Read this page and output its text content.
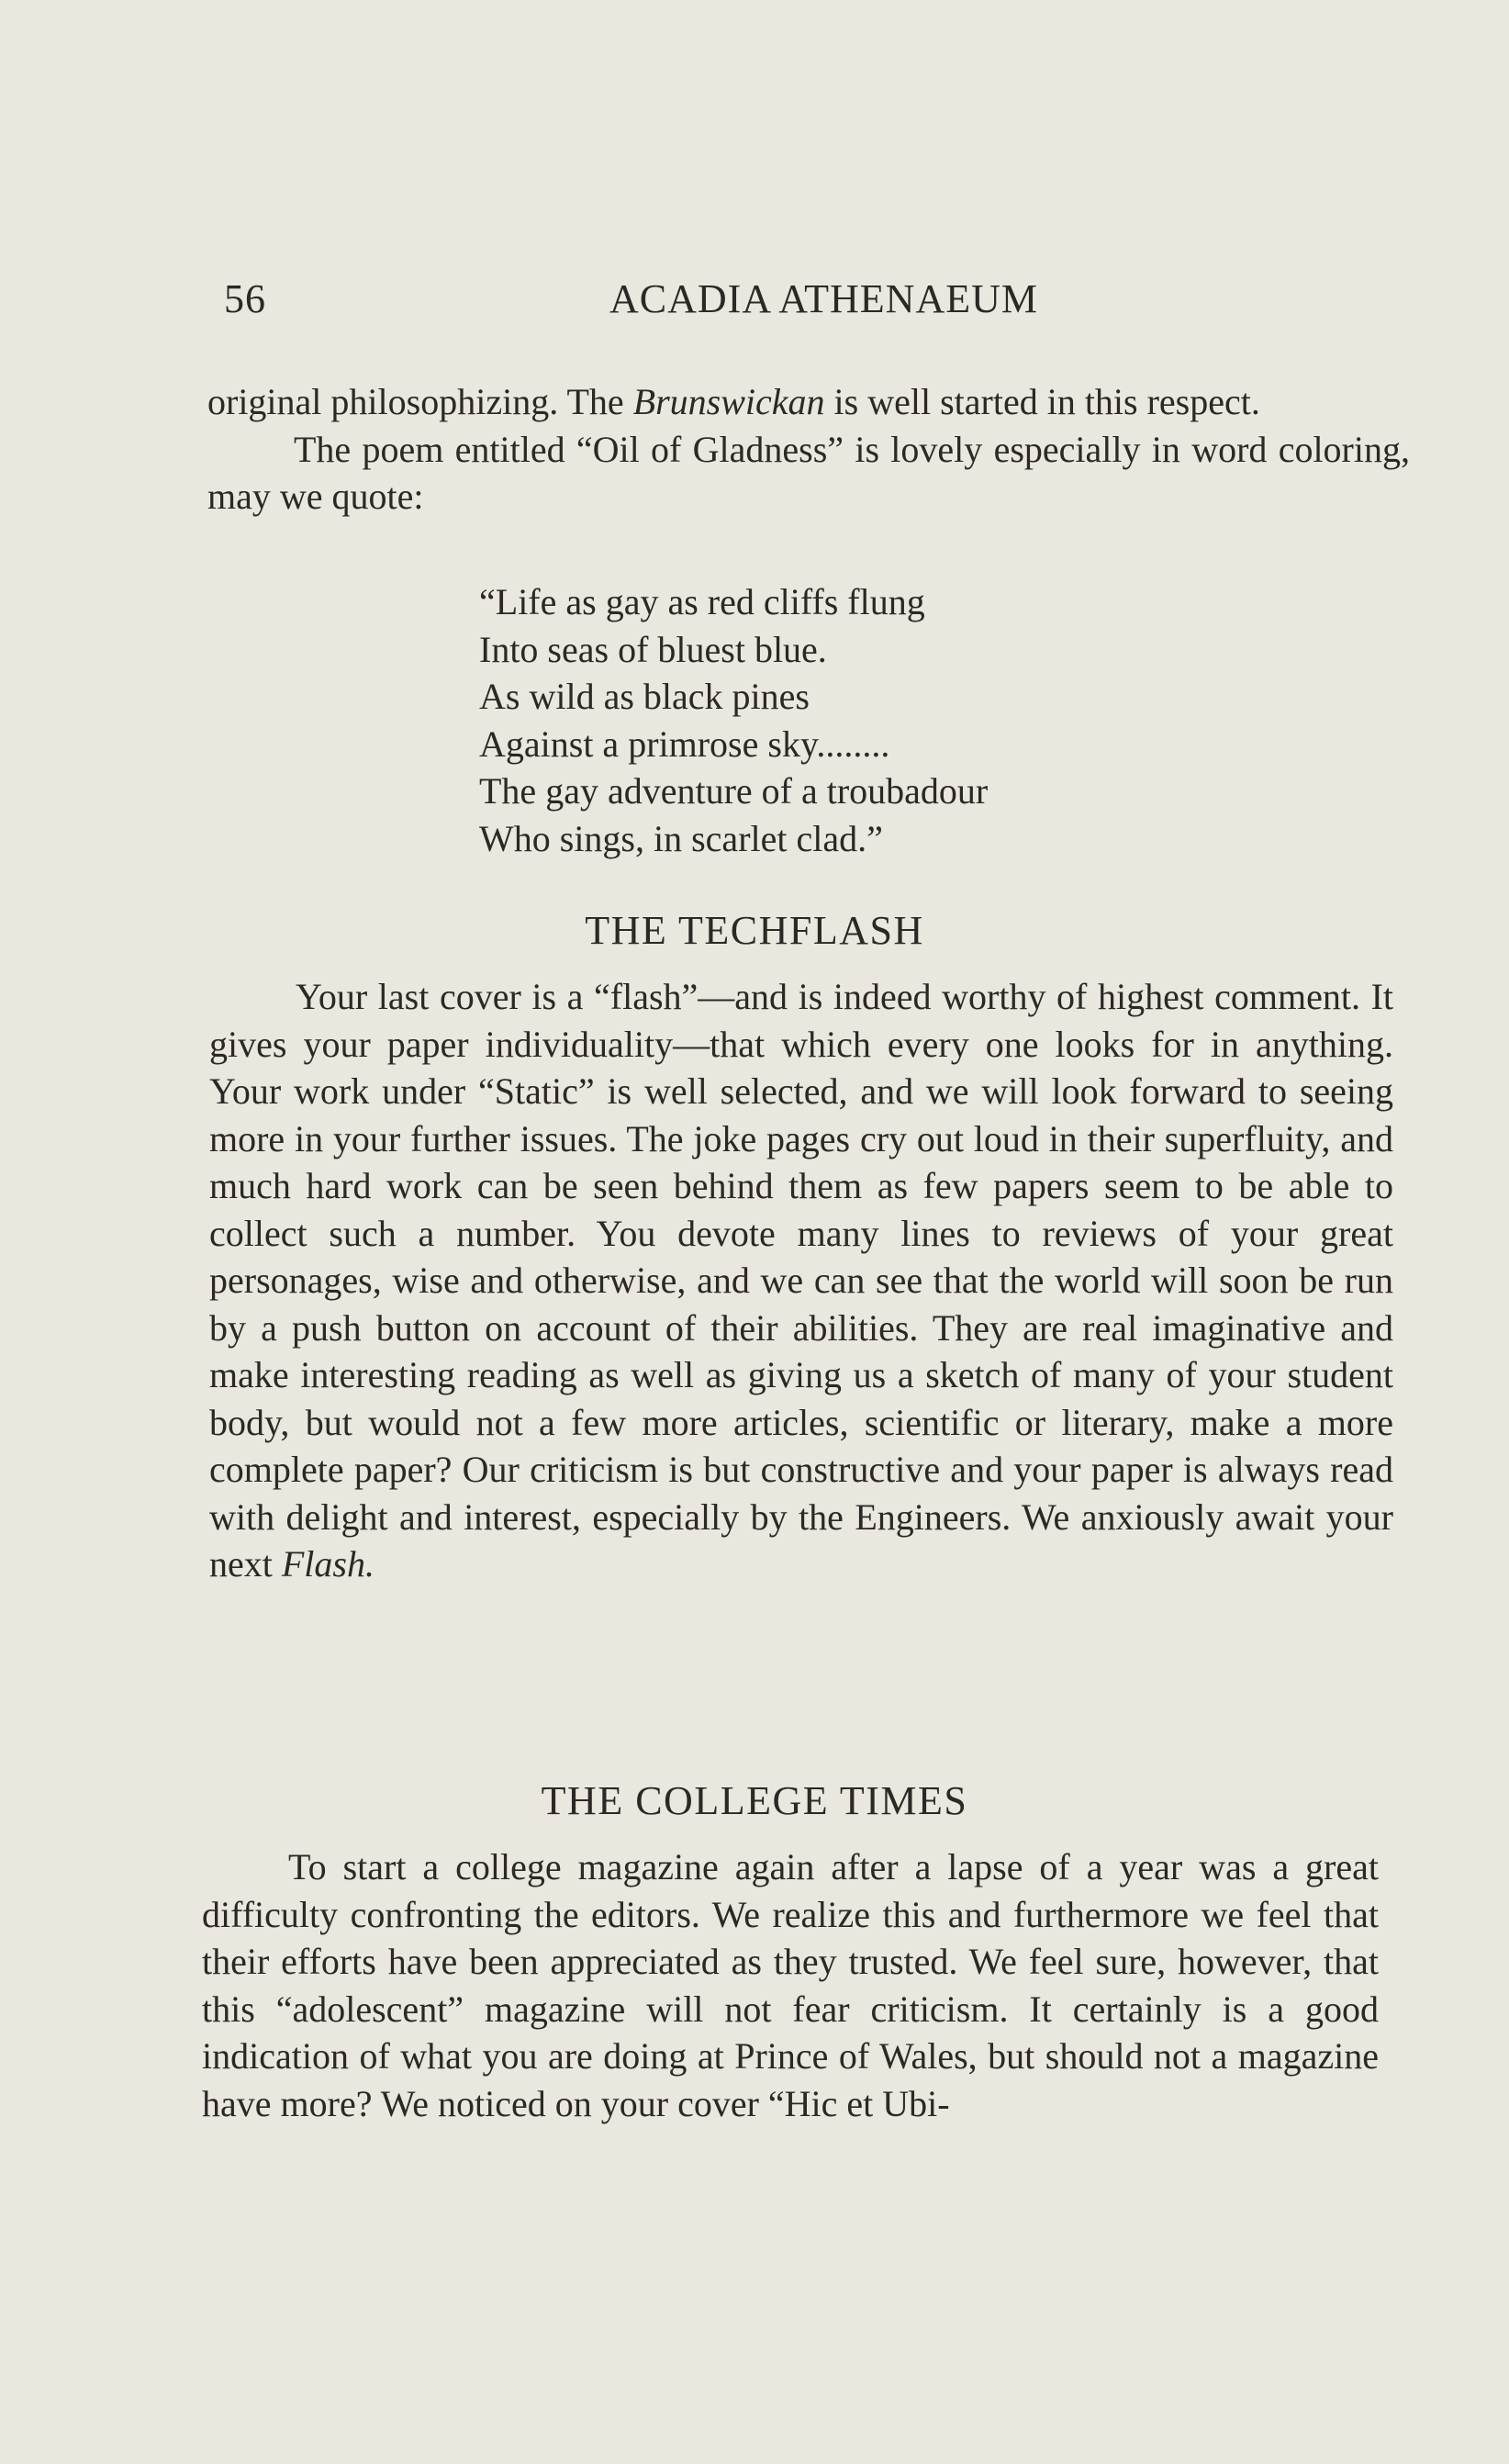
56	ACADIA ATHENAEUM

original philosophizing. The Brunswickan is well started in this respect.

The poem entitled “Oil of Gladness” is lovely especially in word coloring, may we quote:

“Life as gay as red cliffs flung
Into seas of bluest blue.
As wild as black pines
Against a primrose sky........
The gay adventure of a troubadour
Who sings, in scarlet clad.”
THE TECHFLASH

Your last cover is a “flash”—and is indeed worthy of highest comment. It gives your paper individuality—that which every one looks for in anything. Your work under “Static” is well selected, and we will look forward to seeing more in your further issues. The joke pages cry out loud in their superfluity, and much hard work can be seen behind them as few papers seem to be able to collect such a number. You devote many lines to reviews of your great personages, wise and otherwise, and we can see that the world will soon be run by a push button on account of their abilities. They are real imaginative and make interesting reading as well as giving us a sketch of many of your student body, but would not a few more articles, scientific or literary, make a more complete paper? Our criticism is but constructive and your paper is always read with delight and interest, especially by the Engineers. We anxiously await your next Flash.

THE COLLEGE TIMES

To start a college magazine again after a lapse of a year was a great difficulty confronting the editors. We realize this and furthermore we feel that their efforts have been appreciated as they trusted. We feel sure, however, that this “adolescent” magazine will not fear criticism. It certainly is a good indication of what you are doing at Prince of Wales, but should not a magazine have more? We noticed on your cover “Hic et Ubi-
